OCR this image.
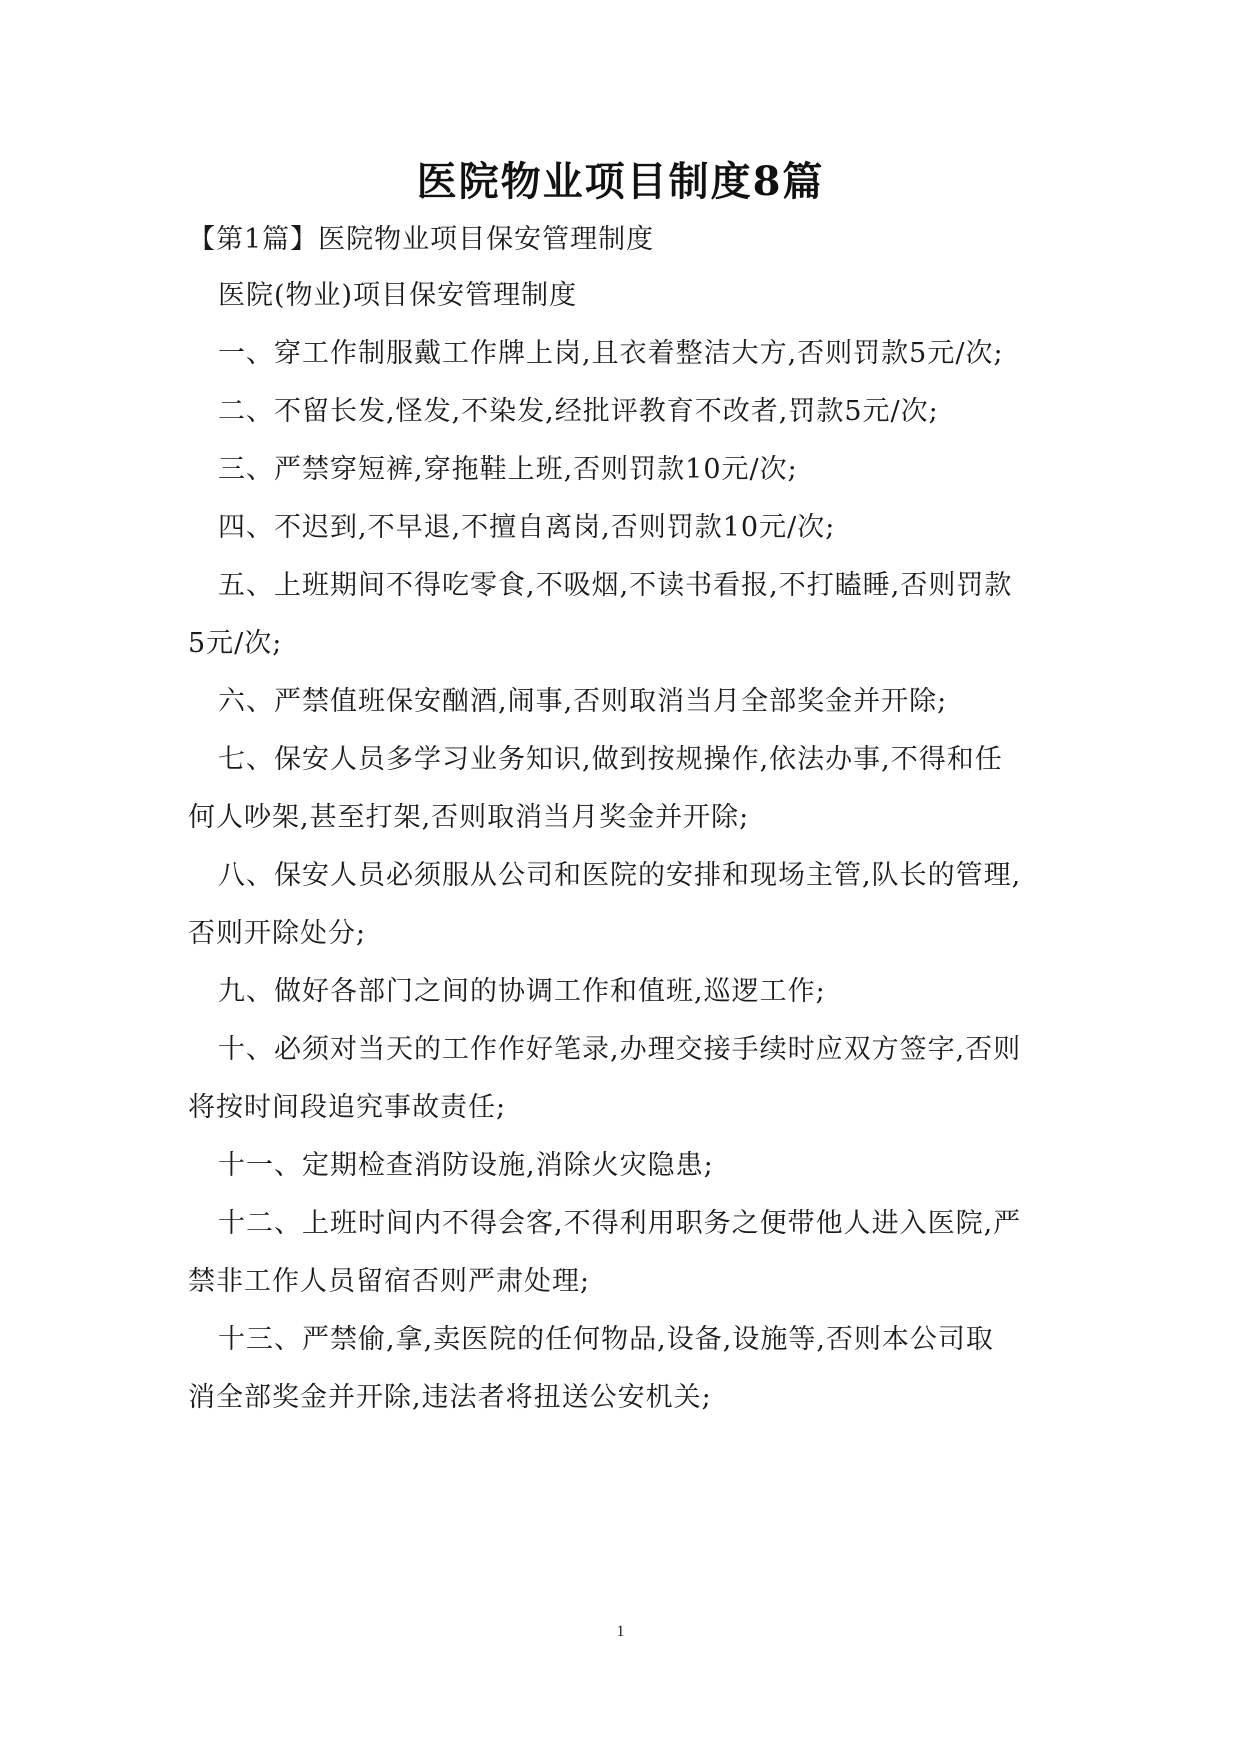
医院物业项目制度8篇
【第1篇】医院物业项目保安管理制度
医院(物业)项目保安管理制度
一、穿工作制服戴工作牌上岗,且衣着整洁大方,否则罚款5元/次;
二、不留长发,怪发,不染发,经批评教育不改者,罚款5元/次;
三、严禁穿短裤,穿拖鞋上班,否则罚款10元/次;
四、不迟到,不早退,不擅自离岗,否则罚款10元/次;
五、上班期间不得吃零食,不吸烟,不读书看报,不打瞌睡,否则罚款
5元/次;
六、严禁值班保安酗酒,闹事,否则取消当月全部奖金并开除;
七、保安人员多学习业务知识,做到按规操作,依法办事,不得和任
何人吵架,甚至打架,否则取消当月奖金并开除;
八、保安人员必须服从公司和医院的安排和现场主管,队长的管理,
否则开除处分;
九、做好各部门之间的协调工作和值班,巡逻工作;
十、必须对当天的工作作好笔录,办理交接手续时应双方签字,否则
将按时间段追究事故责任;
十一、定期检查消防设施,消除火灾隐患;
十二、上班时间内不得会客,不得利用职务之便带他人进入医院,严
禁非工作人员留宿否则严肃处理;
十三、严禁偷,拿,卖医院的任何物品,设备,设施等,否则本公司取
消全部奖金并开除,违法者将扭送公安机关;
1
